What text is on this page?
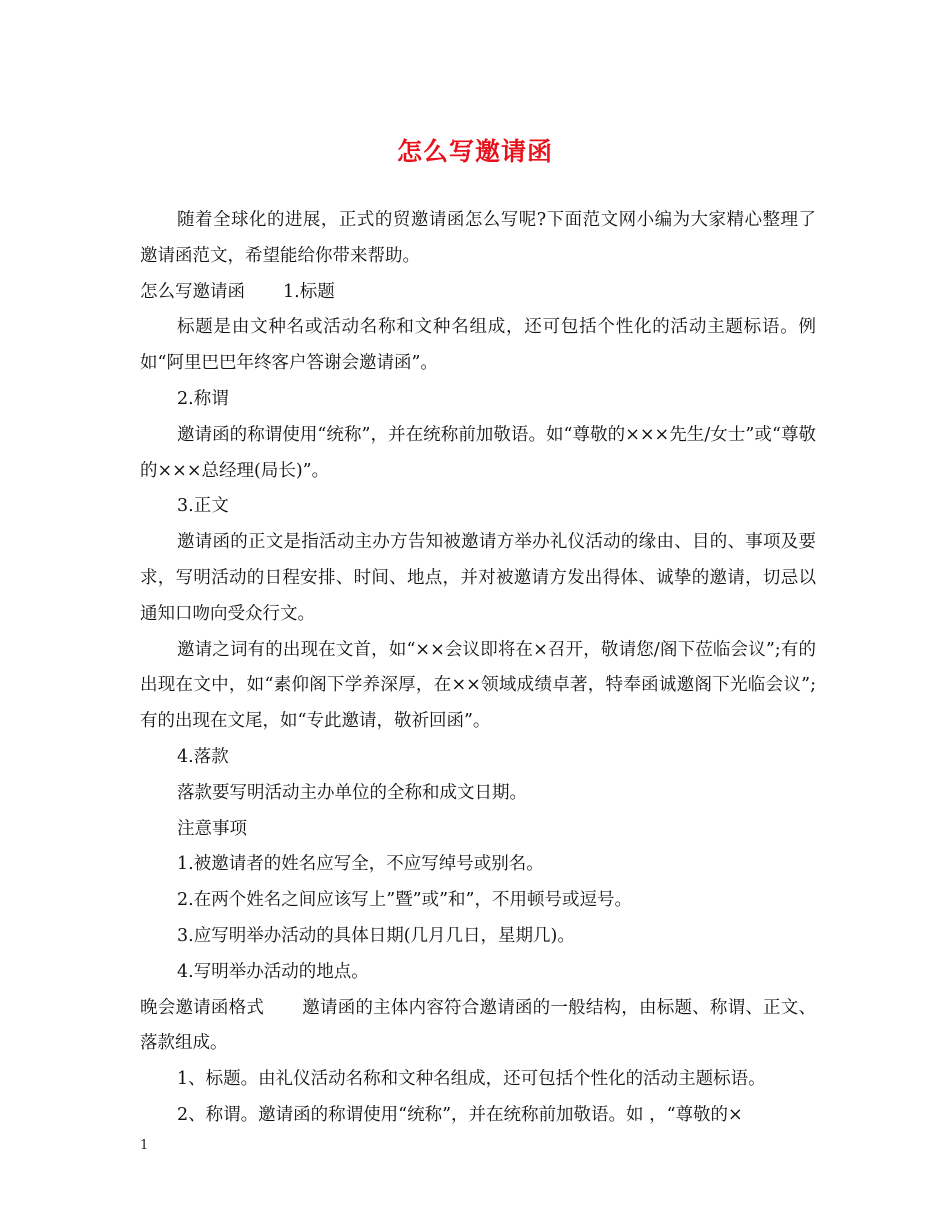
怎么写邀请函

随着全球化的进展，正式的贸邀请函怎么写呢?下面范文网小编为大家精心整理了邀请函范文，希望能给你带来帮助。

怎么写邀请函 1.标题

标题是由文种名或活动名称和文种名组成，还可包括个性化的活动主题标语。例如“阿里巴巴年终客户答谢会邀请函”。

2.称谓

邀请函的称谓使用“统称”，并在统称前加敬语。如“尊敬的×××先生/女士”或“尊敬的×××总经理(局长)”。

3.正文

邀请函的正文是指活动主办方告知被邀请方举办礼仪活动的缘由、目的、事项及要求，写明活动的日程安排、时间、地点，并对被邀请方发出得体、诚挚的邀请，切忌以通知口吻向受众行文。

邀请之词有的出现在文首，如“××会议即将在×召开，敬请您/阁下莅临会议”;有的出现在文中，如“素仰阁下学养深厚，在××领域成绩卓著，特奉函诚邀阁下光临会议”;有的出现在文尾，如“专此邀请，敬祈回函”。

4.落款

落款要写明活动主办单位的全称和成文日期。

注意事项

1.被邀请者的姓名应写全，不应写绰号或别名。

2.在两个姓名之间应该写上”暨”或”和”，不用顿号或逗号。

3.应写明举办活动的具体日期(几月几日，星期几)。

4.写明举办活动的地点。

晚会邀请函格式 邀请函的主体内容符合邀请函的一般结构，由标题、称谓、正文、落款组成。

1、标题。由礼仪活动名称和文种名组成，还可包括个性化的活动主题标语。

2、称谓。邀请函的称谓使用“统称”，并在统称前加敬语。如 ，“尊敬的×

1
